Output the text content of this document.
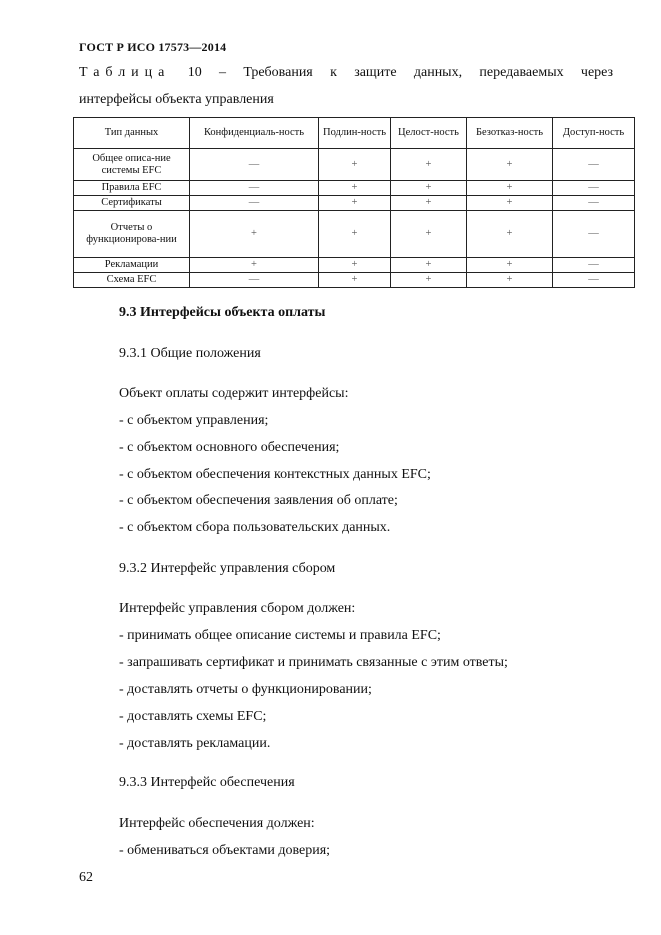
ГОСТ Р ИСО 17573—2014
Таблица 10 – Требования к защите данных, передаваемых через
интерфейсы объекта управления
Тип данных	Конфиденциаль-ность	Подлин-ность	Целост-ность	Безотказ-ность	Доступ-ность
Общее описа-ние системы EFC	—	+	+	+	—
Правила EFC	—	+	+	+	—
Сертификаты	—	+	+	+	—
Отчеты о функционирова-нии	+	+	+	+	—
Рекламации	+	+	+	+	—
Схема EFC	—	+	+	+	—
9.3 Интерфейсы объекта оплаты
9.3.1 Общие положения
Объект оплаты содержит интерфейсы:
- с объектом управления;
- с объектом основного обеспечения;
- с объектом обеспечения контекстных данных EFC;
- с объектом обеспечения заявления об оплате;
- с объектом сбора пользовательских данных.
9.3.2 Интерфейс управления сбором
Интерфейс управления сбором должен:
- принимать общее описание системы и правила EFC;
- запрашивать сертификат и принимать связанные с этим ответы;
- доставлять отчеты о функционировании;
- доставлять схемы EFC;
- доставлять рекламации.
9.3.3 Интерфейс обеспечения
Интерфейс обеспечения должен:
- обмениваться объектами доверия;
62
